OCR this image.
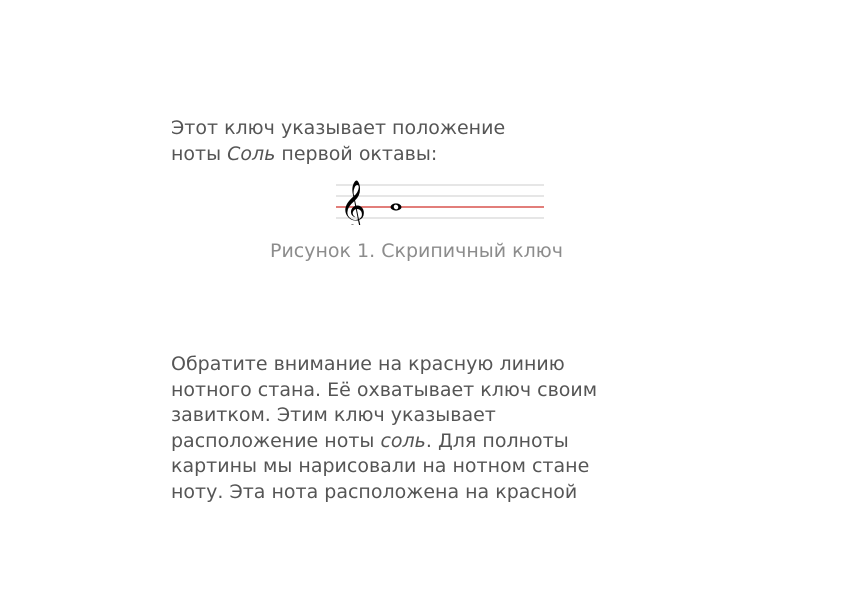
Этот ключ указывает положение
ноты Соль первой октавы:
𝄞
Рисунок 1. Скрипичный ключ
Обратите внимание на красную линию
нотного стана. Её охватывает ключ своим
завитком. Этим ключ указывает
расположение ноты соль. Для полноты
картины мы нарисовали на нотном стане
ноту. Эта нота расположена на красной
